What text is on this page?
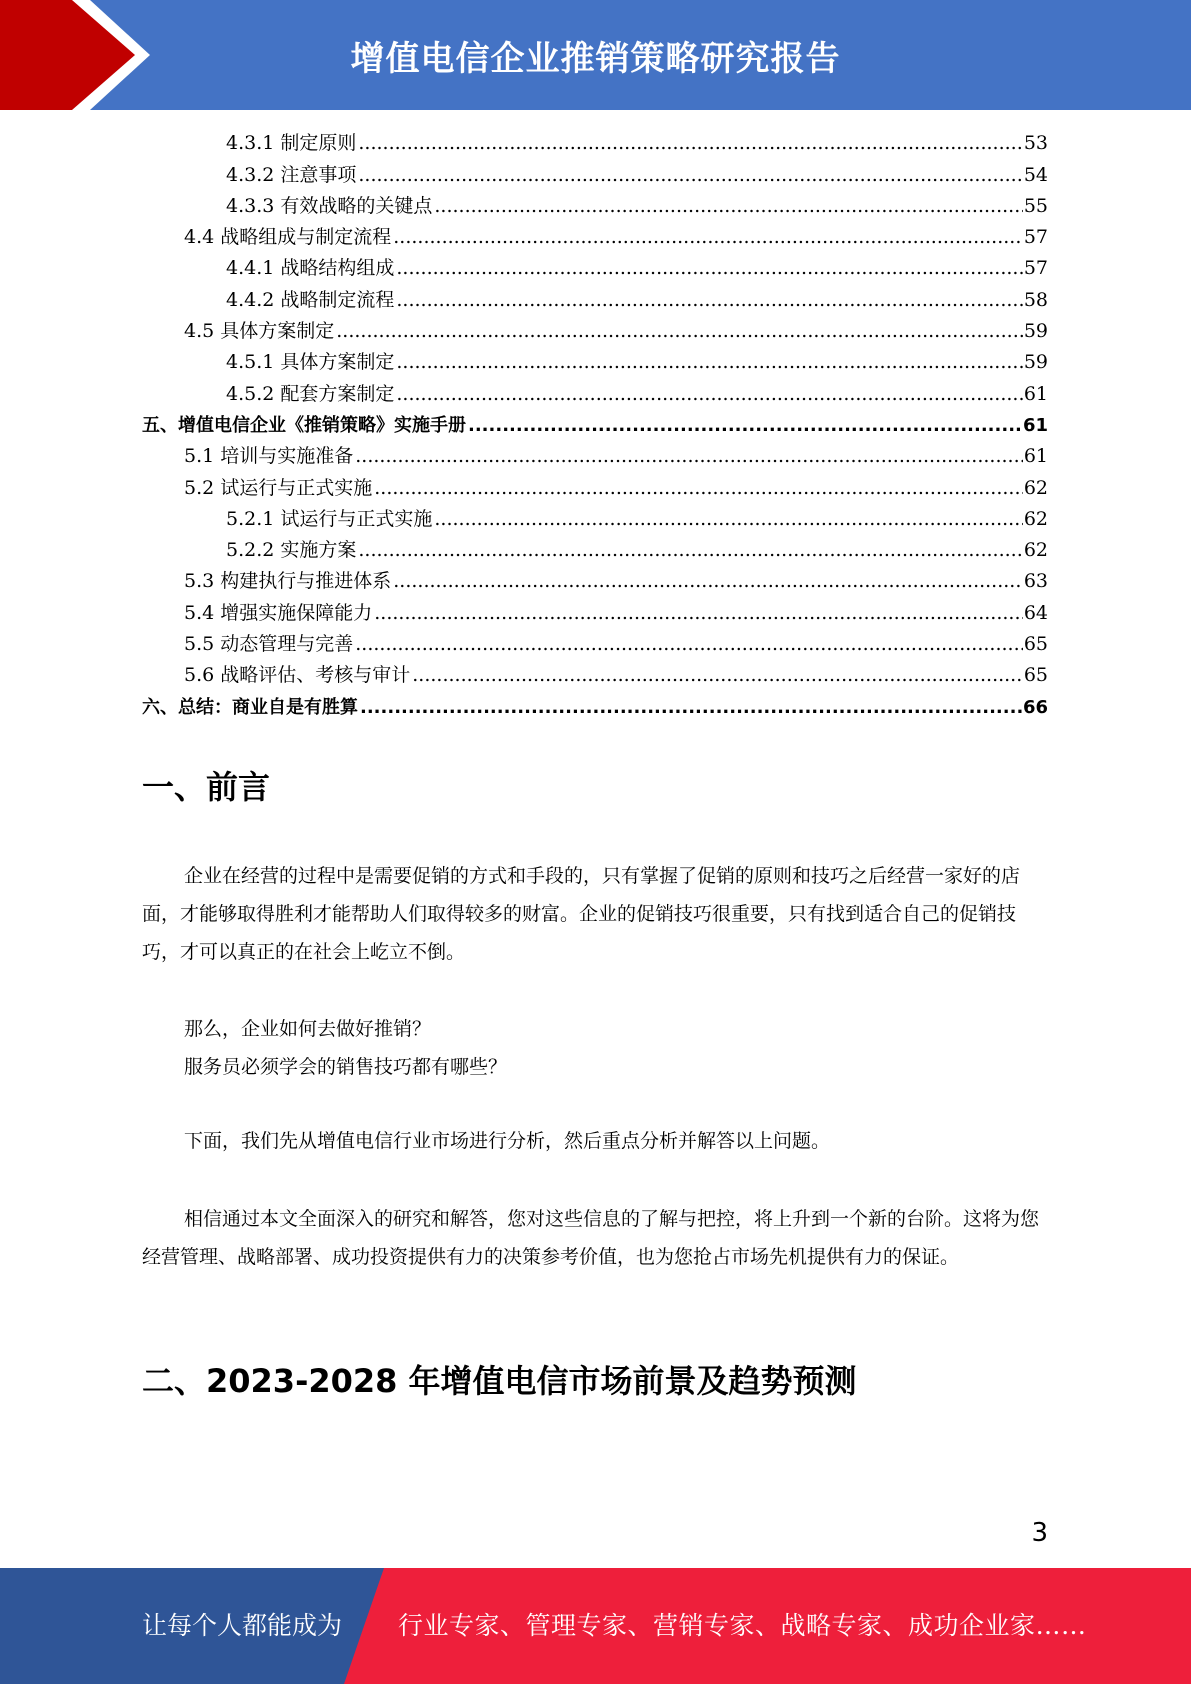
增值电信企业推销策略研究报告
4.3.1 制定原则 .....	53
4.3.2 注意事项 .....	54
4.3.3 有效战略的关键点 .....	55
4.4 战略组成与制定流程 .....	57
4.4.1 战略结构组成 .....	57
4.4.2 战略制定流程 .....	58
4.5 具体方案制定 .....	59
4.5.1 具体方案制定 .....	59
4.5.2 配套方案制定 .....	61
五、增值电信企业《推销策略》实施手册 .....	61
5.1 培训与实施准备 .....	61
5.2 试运行与正式实施 .....	62
5.2.1 试运行与正式实施 .....	62
5.2.2 实施方案 .....	62
5.3 构建执行与推进体系 .....	63
5.4 增强实施保障能力 .....	64
5.5 动态管理与完善 .....	65
5.6 战略评估、考核与审计 .....	65
六、总结：商业自是有胜算 .....	66
一、前言
企业在经营的过程中是需要促销的方式和手段的，只有掌握了促销的原则和技巧之后经营一家好的店面，才能够取得胜利才能帮助人们取得较多的财富。企业的促销技巧很重要，只有找到适合自己的促销技巧，才可以真正的在社会上屹立不倒。
那么，企业如何去做好推销？
服务员必须学会的销售技巧都有哪些？
下面，我们先从增值电信行业市场进行分析，然后重点分析并解答以上问题。
相信通过本文全面深入的研究和解答，您对这些信息的了解与把控，将上升到一个新的台阶。这将为您经营管理、战略部署、成功投资提供有力的决策参考价值，也为您抢占市场先机提供有力的保证。
二、2023-2028 年增值电信市场前景及趋势预测
3
让每个人都能成为 行业专家、管理专家、营销专家、战略专家、成功企业家……
